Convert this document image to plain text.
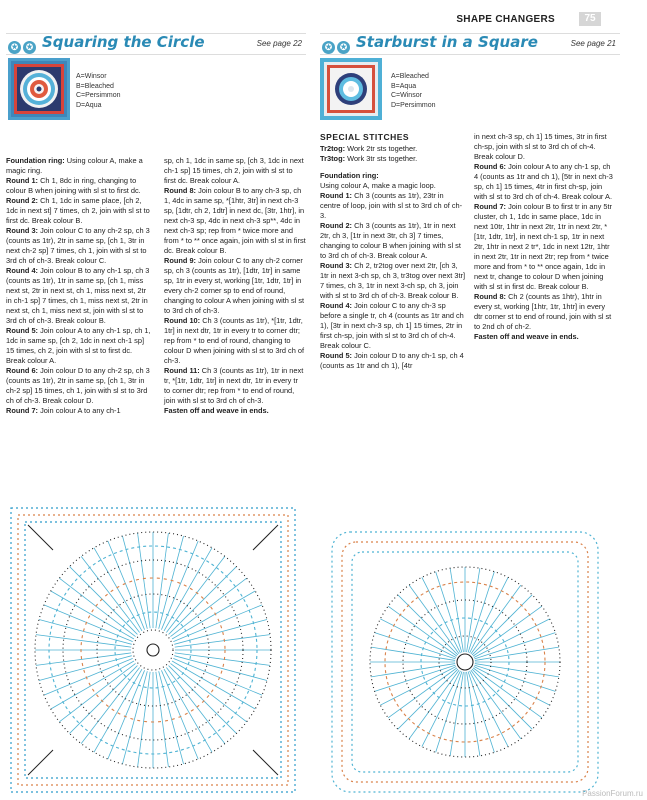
SHAPE CHANGERS	75
✪ ✪ Squaring the Circle	See page 22	✪ ✪ Starburst in a Square	See page 21
A=Winsor
B=Bleached
C=Persimmon
D=Aqua
A=Bleached
B=Aqua
C=Winsor
D=Persimmon

Foundation ring: Using colour A, make a magic ring.

Round 1: Ch 1, 8dc in ring, changing to colour B when joining with sl st to first dc.

Round 2: Ch 1, 1dc in same place, [ch 2, 1dc in next st] 7 times, ch 2, join with sl st to first dc. Break colour B.

Round 3: Join colour C to any ch-2 sp, ch 3 (counts as 1tr), 2tr in same sp, [ch 1, 3tr in next ch-2 sp] 7 times, ch 1, join with sl st to 3rd ch of ch-3. Break colour C.

Round 4: Join colour B to any ch-1 sp, ch 3 (counts as 1tr), 1tr in same sp, [ch 1, miss next st, 2tr in next st, ch 1, miss next st, 2tr in ch-1 sp] 7 times, ch 1, miss next st, 2tr in next st, ch 1, miss next st, join with sl st to 3rd ch of ch-3. Break colour B.

Round 5: Join colour A to any ch-1 sp, ch 1, 1dc in same sp, [ch 2, 1dc in next ch-1 sp] 15 times, ch 2, join with sl st to first dc. Break colour A.

Round 6: Join colour D to any ch-2 sp, ch 3 (counts as 1tr), 2tr in same sp, [ch 1, 3tr in ch-2 sp] 15 times, ch 1, join with sl st to 3rd ch of ch-3. Break colour D.

Round 7: Join colour A to any ch-1

sp, ch 1, 1dc in same sp, [ch 3, 1dc in next ch-1 sp] 15 times, ch 2, join with sl st to first dc. Break colour A.

Round 8: Join colour B to any ch-3 sp, ch 1, 4dc in same sp, *[1htr, 3tr] in next ch-3 sp, [1dtr, ch 2, 1dtr] in next dc, [3tr, 1htr], in next ch-3 sp, 4dc in next ch-3 sp**, 4dc in next ch-3 sp; rep from * twice more and from * to ** once again, join with sl st in first dc. Break colour B.

Round 9: Join colour C to any ch-2 corner sp, ch 3 (counts as 1tr), [1dtr, 1tr] in same sp, 1tr in every st, working [1tr, 1dtr, 1tr] in every ch-2 corner sp to end of round, changing to colour A when joining with sl st to 3rd ch of ch-3.

Round 10: Ch 3 (counts as 1tr), *[1tr, 1dtr, 1tr] in next dtr, 1tr in every tr to corner dtr; rep from * to end of round, changing to colour D when joining with sl st to 3rd ch of ch-3.

Round 11: Ch 3 (counts as 1tr), 1tr in next tr, *[1tr, 1dtr, 1tr] in next dtr, 1tr in every tr to corner dtr; rep from * to end of round, join with sl st to 3rd ch of ch-3.

Fasten off and weave in ends.

SPECIAL STITCHES

Tr2tog: Work 2tr sts together.

Tr3tog: Work 3tr sts together.

Foundation ring:

Using colour A, make a magic loop.

Round 1: Ch 3 (counts as 1tr), 23tr in centre of loop, join with sl st to 3rd ch of ch-3.

Round 2: Ch 3 (counts as 1tr), 1tr in next 2tr, ch 3, [1tr in next 3tr, ch 3] 7 times, changing to colour B when joining with sl st to 3rd ch of ch-3. Break colour A.

Round 3: Ch 2, tr2tog over next 2tr, [ch 3, 1tr in next 3-ch sp, ch 3, tr3tog over next 3tr] 7 times, ch 3, 1tr in next 3-ch sp, ch 3, join with sl st to 3rd ch of ch-3. Break colour B.

Round 4: Join colour C to any ch-3 sp before a single tr, ch 4 (counts as 1tr and ch 1), [3tr in next ch-3 sp, ch 1] 15 times, 2tr in first ch-sp, join with sl st to 3rd ch of ch-4. Break colour C.

Round 5: Join colour D to any ch-1 sp, ch 4 (counts as 1tr and ch 1), [4tr

in next ch-3 sp, ch 1] 15 times, 3tr in first ch-sp, join with sl st to 3rd ch of ch-4. Break colour D.

Round 6: Join colour A to any ch-1 sp, ch 4 (counts as 1tr and ch 1), [5tr in next ch-3 sp, ch 1] 15 times, 4tr in first ch-sp, join with sl st to 3rd ch of ch-4. Break colour A.

Round 7: Join colour B to first tr in any 5tr cluster, ch 1, 1dc in same place, 1dc in next 10tr, 1htr in next 2tr, 1tr in next 2tr, *[1tr, 1dtr, 1tr], in next ch-1 sp, 1tr in next 2tr, 1htr in next 2 tr*, 1dc in next 12tr, 1htr in next 2tr, 1tr in next 2tr; rep from * twice more and from * to ** once again, 1dc in next tr, change to colour D when joining with sl st in first dc. Break colour B.

Round 8: Ch 2 (counts as 1htr), 1htr in every st, working [1htr, 1tr, 1htr] in every dtr corner st to end of round, join with sl st to 2nd ch of ch-2.

Fasten off and weave in ends.

PassionForum.ru
